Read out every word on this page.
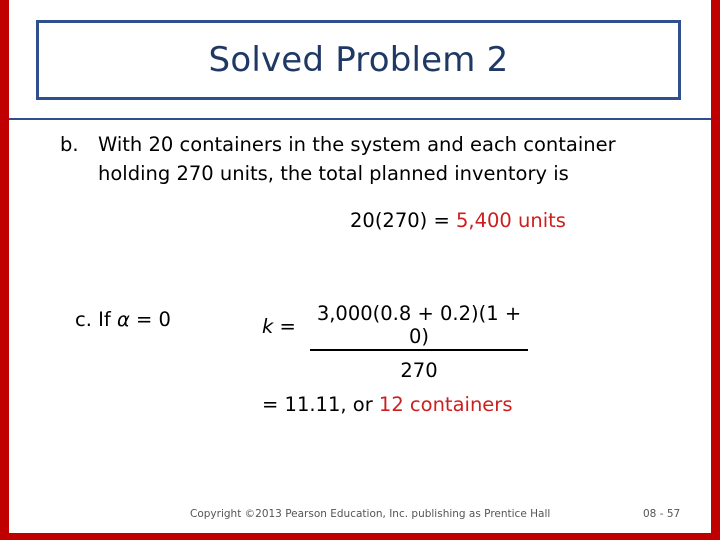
Solved Problem 2
b. With 20 containers in the system and each container
holding 270 units, the total planned inventory is
20(270) = 5,400 units
c. If α = 0	$k = \frac{3,000(0.8 + 0.2)(1 + 0)}{270}$
= 11.11, or 12 containers
Copyright ©2013 Pearson Education, Inc. publishing as Prentice Hall	08 - 57
